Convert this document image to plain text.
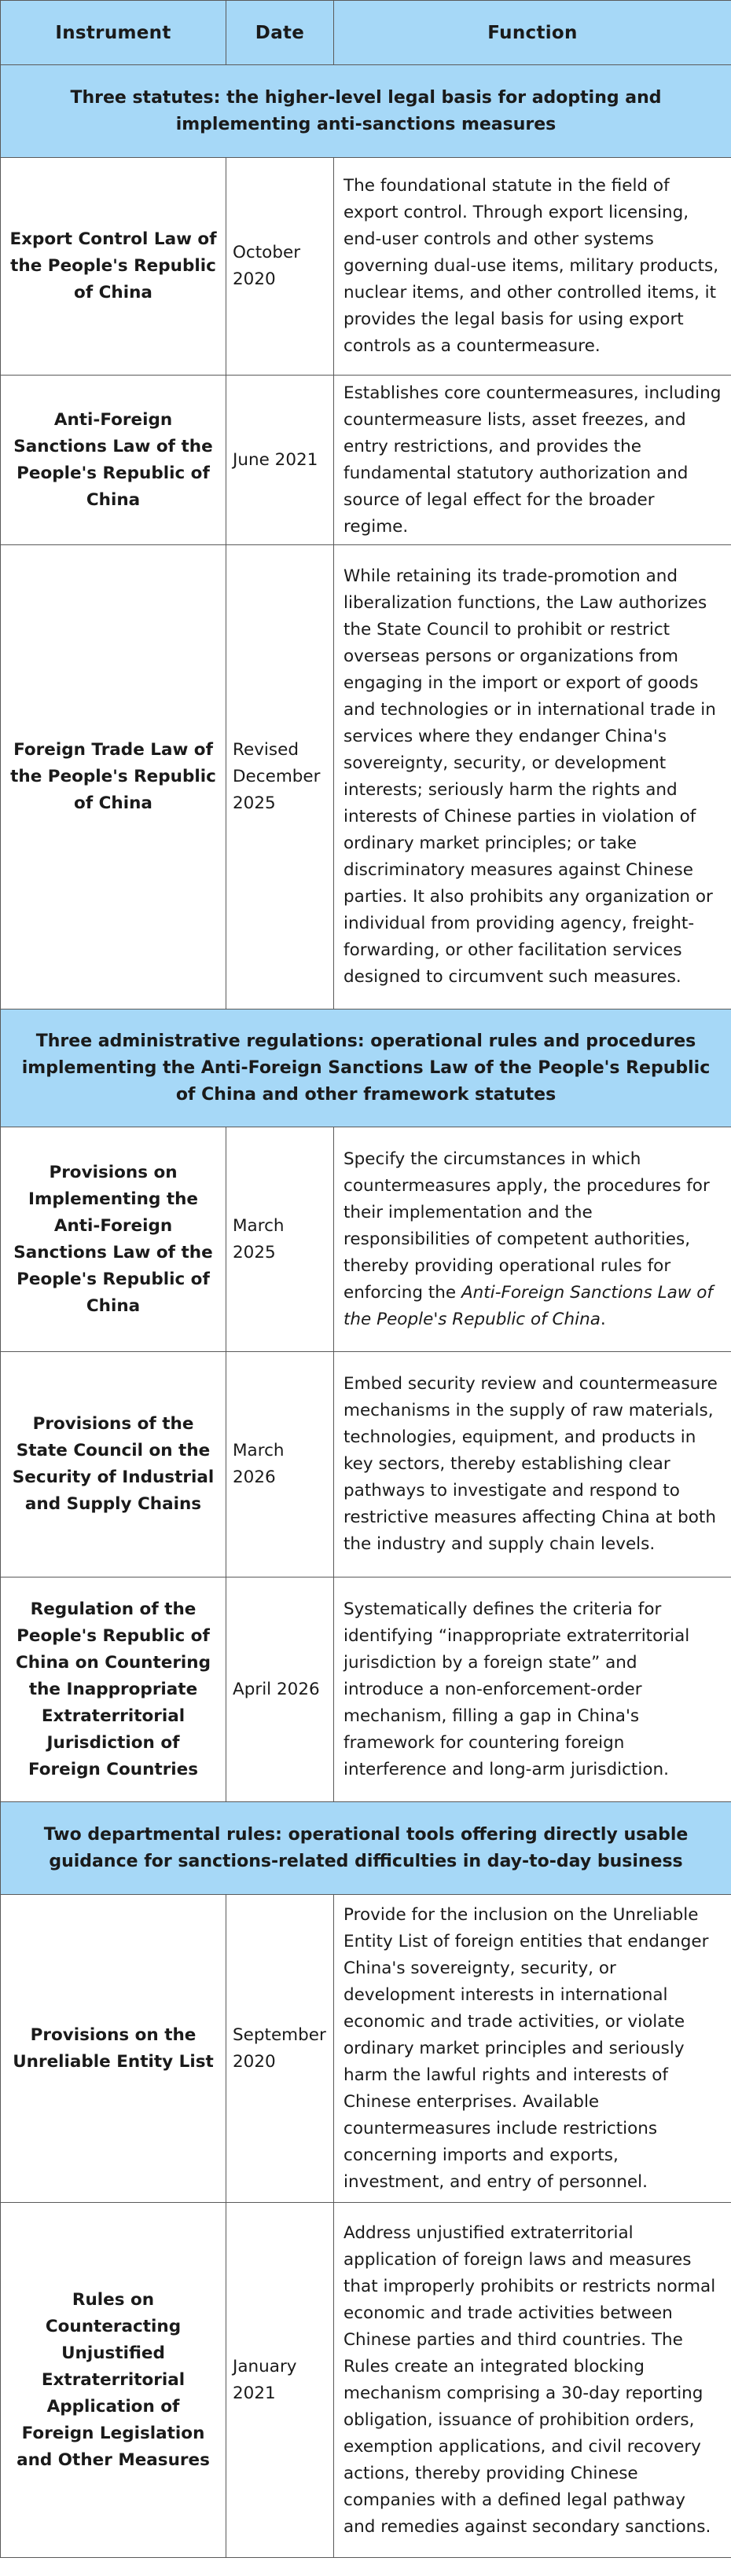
Instrument	Date	Function
Three statutes: the higher-level legal basis for adopting and implementing anti-sanctions measures		
Export Control Law of the People's Republic of China	October 2020	The foundational statute in the field of export control. Through export licensing, end-user controls and other systems governing dual-use items, military products, nuclear items, and other controlled items, it provides the legal basis for using export controls as a countermeasure.
Anti-Foreign Sanctions Law of the People's Republic of China	June 2021	Establishes core countermeasures, including countermeasure lists, asset freezes, and entry restrictions, and provides the fundamental statutory authorization and source of legal effect for the broader regime.
Foreign Trade Law of the People's Republic of China	Revised December 2025	While retaining its trade-promotion and liberalization functions, the Law authorizes the State Council to prohibit or restrict overseas persons or organizations from engaging in the import or export of goods and technologies or in international trade in services where they endanger China's sovereignty, security, or development interests; seriously harm the rights and interests of Chinese parties in violation of ordinary market principles; or take discriminatory measures against Chinese parties. It also prohibits any organization or individual from providing agency, freight-forwarding, or other facilitation services designed to circumvent such measures.
Three administrative regulations: operational rules and procedures implementing the Anti-Foreign Sanctions Law of the People's Republic of China and other framework statutes		
Provisions on Implementing the Anti-Foreign Sanctions Law of the People's Republic of China	March 2025	Specify the circumstances in which countermeasures apply, the procedures for their implementation and the responsibilities of competent authorities, thereby providing operational rules for enforcing the Anti-Foreign Sanctions Law of the People's Republic of China.
Provisions of the State Council on the Security of Industrial and Supply Chains	March 2026	Embed security review and countermeasure mechanisms in the supply of raw materials, technologies, equipment, and products in key sectors, thereby establishing clear pathways to investigate and respond to restrictive measures affecting China at both the industry and supply chain levels.
Regulation of the People's Republic of China on Countering the Inappropriate Extraterritorial Jurisdiction of Foreign Countries	April 2026	Systematically defines the criteria for identifying “inappropriate extraterritorial jurisdiction by a foreign state” and introduce a non-enforcement-order mechanism, filling a gap in China's framework for countering foreign interference and long-arm jurisdiction.
Two departmental rules: operational tools offering directly usable guidance for sanctions-related difficulties in day-to-day business		
Provisions on the Unreliable Entity List	September 2020	Provide for the inclusion on the Unreliable Entity List of foreign entities that endanger China's sovereignty, security, or development interests in international economic and trade activities, or violate ordinary market principles and seriously harm the lawful rights and interests of Chinese enterprises. Available countermeasures include restrictions concerning imports and exports, investment, and entry of personnel.
Rules on Counteracting Unjustified Extraterritorial Application of Foreign Legislation and Other Measures	January 2021	Address unjustified extraterritorial application of foreign laws and measures that improperly prohibits or restricts normal economic and trade activities between Chinese parties and third countries. The Rules create an integrated blocking mechanism comprising a 30-day reporting obligation, issuance of prohibition orders, exemption applications, and civil recovery actions, thereby providing Chinese companies with a defined legal pathway and remedies against secondary sanctions.
